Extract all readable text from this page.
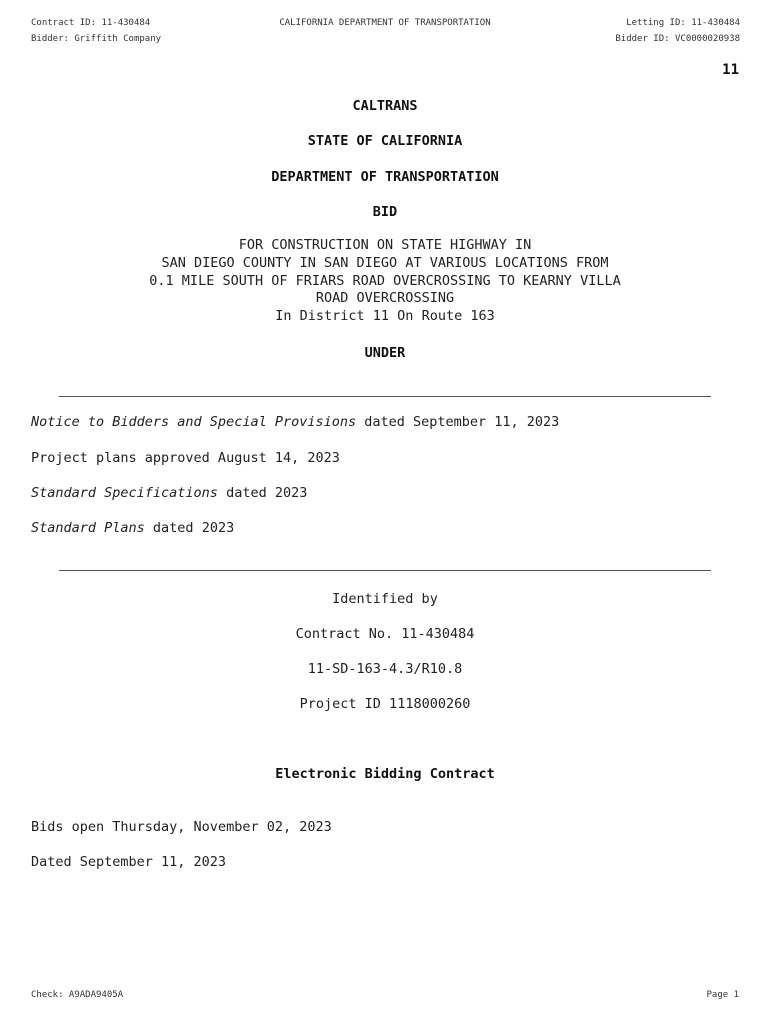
Contract ID: 11-430484
Bidder: Griffith Company
CALIFORNIA DEPARTMENT OF TRANSPORTATION	Letting ID: 11-430484
Bidder ID: VC0000020938
11
CALTRANS
STATE OF CALIFORNIA
DEPARTMENT OF TRANSPORTATION
BID
FOR CONSTRUCTION ON STATE HIGHWAY IN
SAN DIEGO COUNTY IN SAN DIEGO AT VARIOUS LOCATIONS FROM
0.1 MILE SOUTH OF FRIARS ROAD OVERCROSSING TO KEARNY VILLA
ROAD OVERCROSSING
In District 11 On Route 163
UNDER
Notice to Bidders and Special Provisions dated September 11, 2023
Project plans approved August 14, 2023
Standard Specifications dated 2023
Standard Plans dated 2023
Identified by
Contract No. 11-430484
11-SD-163-4.3/R10.8
Project ID 1118000260
Electronic Bidding Contract
Bids open Thursday, November 02, 2023
Dated September 11, 2023
Check: A9ADA9405A	Page 1
